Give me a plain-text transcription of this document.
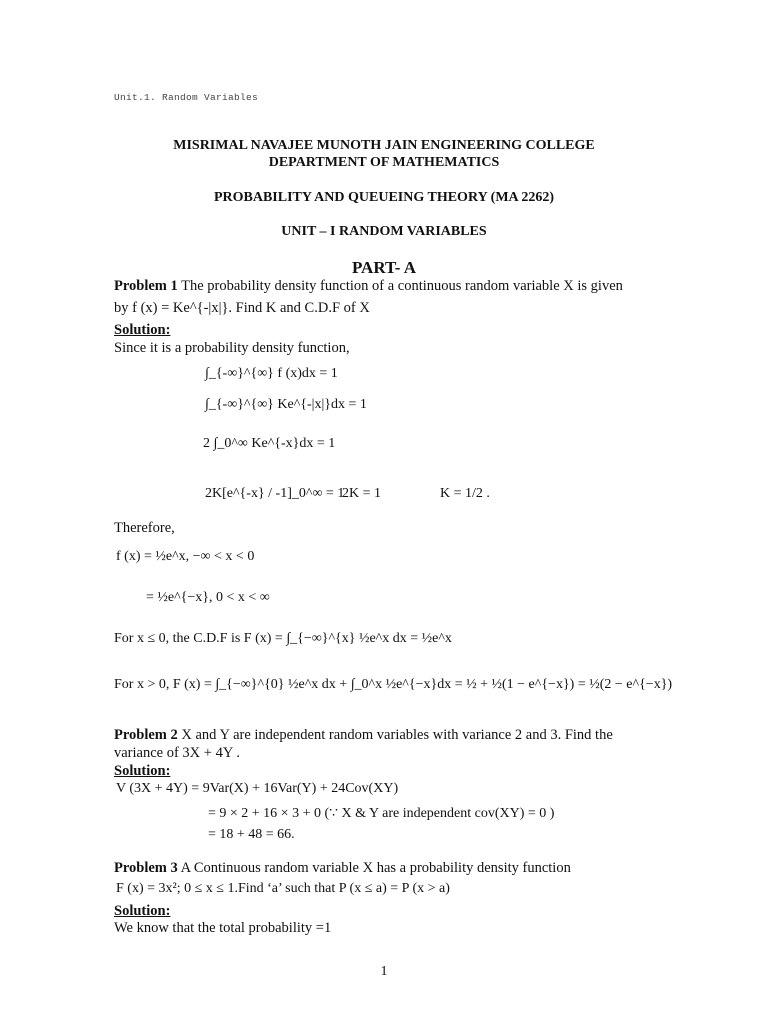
Unit.1. Random Variables
MISRIMAL NAVAJEE MUNOTH JAIN ENGINEERING COLLEGE
DEPARTMENT OF MATHEMATICS
PROBABILITY AND QUEUEING THEORY (MA 2262)
UNIT – I RANDOM VARIABLES
PART- A
Problem 1 The probability density function of a continuous random variable X is given
by f (x) = Ke^{-|x|}. Find K and C.D.F of X
Solution:
Since it is a probability density function,
∫_{-∞}^{∞} f (x)dx = 1
∫_{-∞}^{∞} Ke^{-|x|}dx = 1
2 ∫_0^∞ Ke^{-x}dx = 1
2K[e^{-x} / -1]_0^∞ = 1
2K = 1	K = 1/2 .
Therefore,
f (x) = ½e^x, −∞ < x < 0
= ½e^{−x}, 0 < x < ∞
For x ≤ 0, the C.D.F is F (x) = ∫_{−∞}^{x} ½e^x dx = ½e^x
For x > 0, F (x) = ∫_{−∞}^{0} ½e^x dx + ∫_0^x ½e^{−x}dx = ½ + ½(1 − e^{−x}) = ½(2 − e^{−x})
Problem 2 X and Y are independent random variables with variance 2 and 3. Find the
variance of 3X + 4Y .
Solution:
V (3X + 4Y) = 9Var(X) + 16Var(Y) + 24Cov(XY)
= 9 × 2 + 16 × 3 + 0 (∵ X & Y are independent cov(XY) = 0 )
= 18 + 48 = 66.
Problem 3 A Continuous random variable X has a probability density function
F (x) = 3x²; 0 ≤ x ≤ 1.Find ‘a’ such that P (x ≤ a) = P (x > a)
Solution:
We know that the total probability =1
1
